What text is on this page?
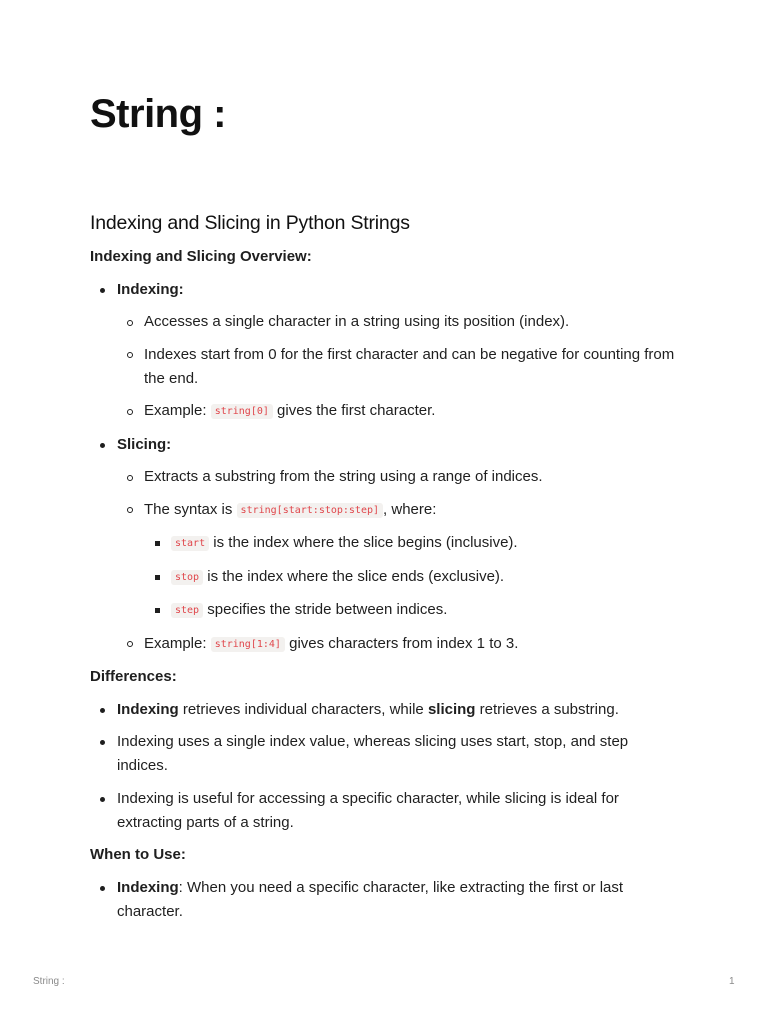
String :
Indexing and Slicing in Python Strings

Indexing and Slicing Overview:

Indexing:
Accesses a single character in a string using its position (index).
Indexes start from 0 for the first character and can be negative for counting from the end.
Example: string[0] gives the first character.
Slicing:
Extracts a substring from the string using a range of indices.
The syntax is string[start:stop:step] , where:
start is the index where the slice begins (inclusive).
stop is the index where the slice ends (exclusive).
step specifies the stride between indices.
Example: string[1:4] gives characters from index 1 to 3.

Differences:

Indexing retrieves individual characters, while slicing retrieves a substring.
Indexing uses a single index value, whereas slicing uses start, stop, and step indices.
Indexing is useful for accessing a specific character, while slicing is ideal for extracting parts of a string.

When to Use:

Indexing: When you need a specific character, like extracting the first or last character.
String :	1
